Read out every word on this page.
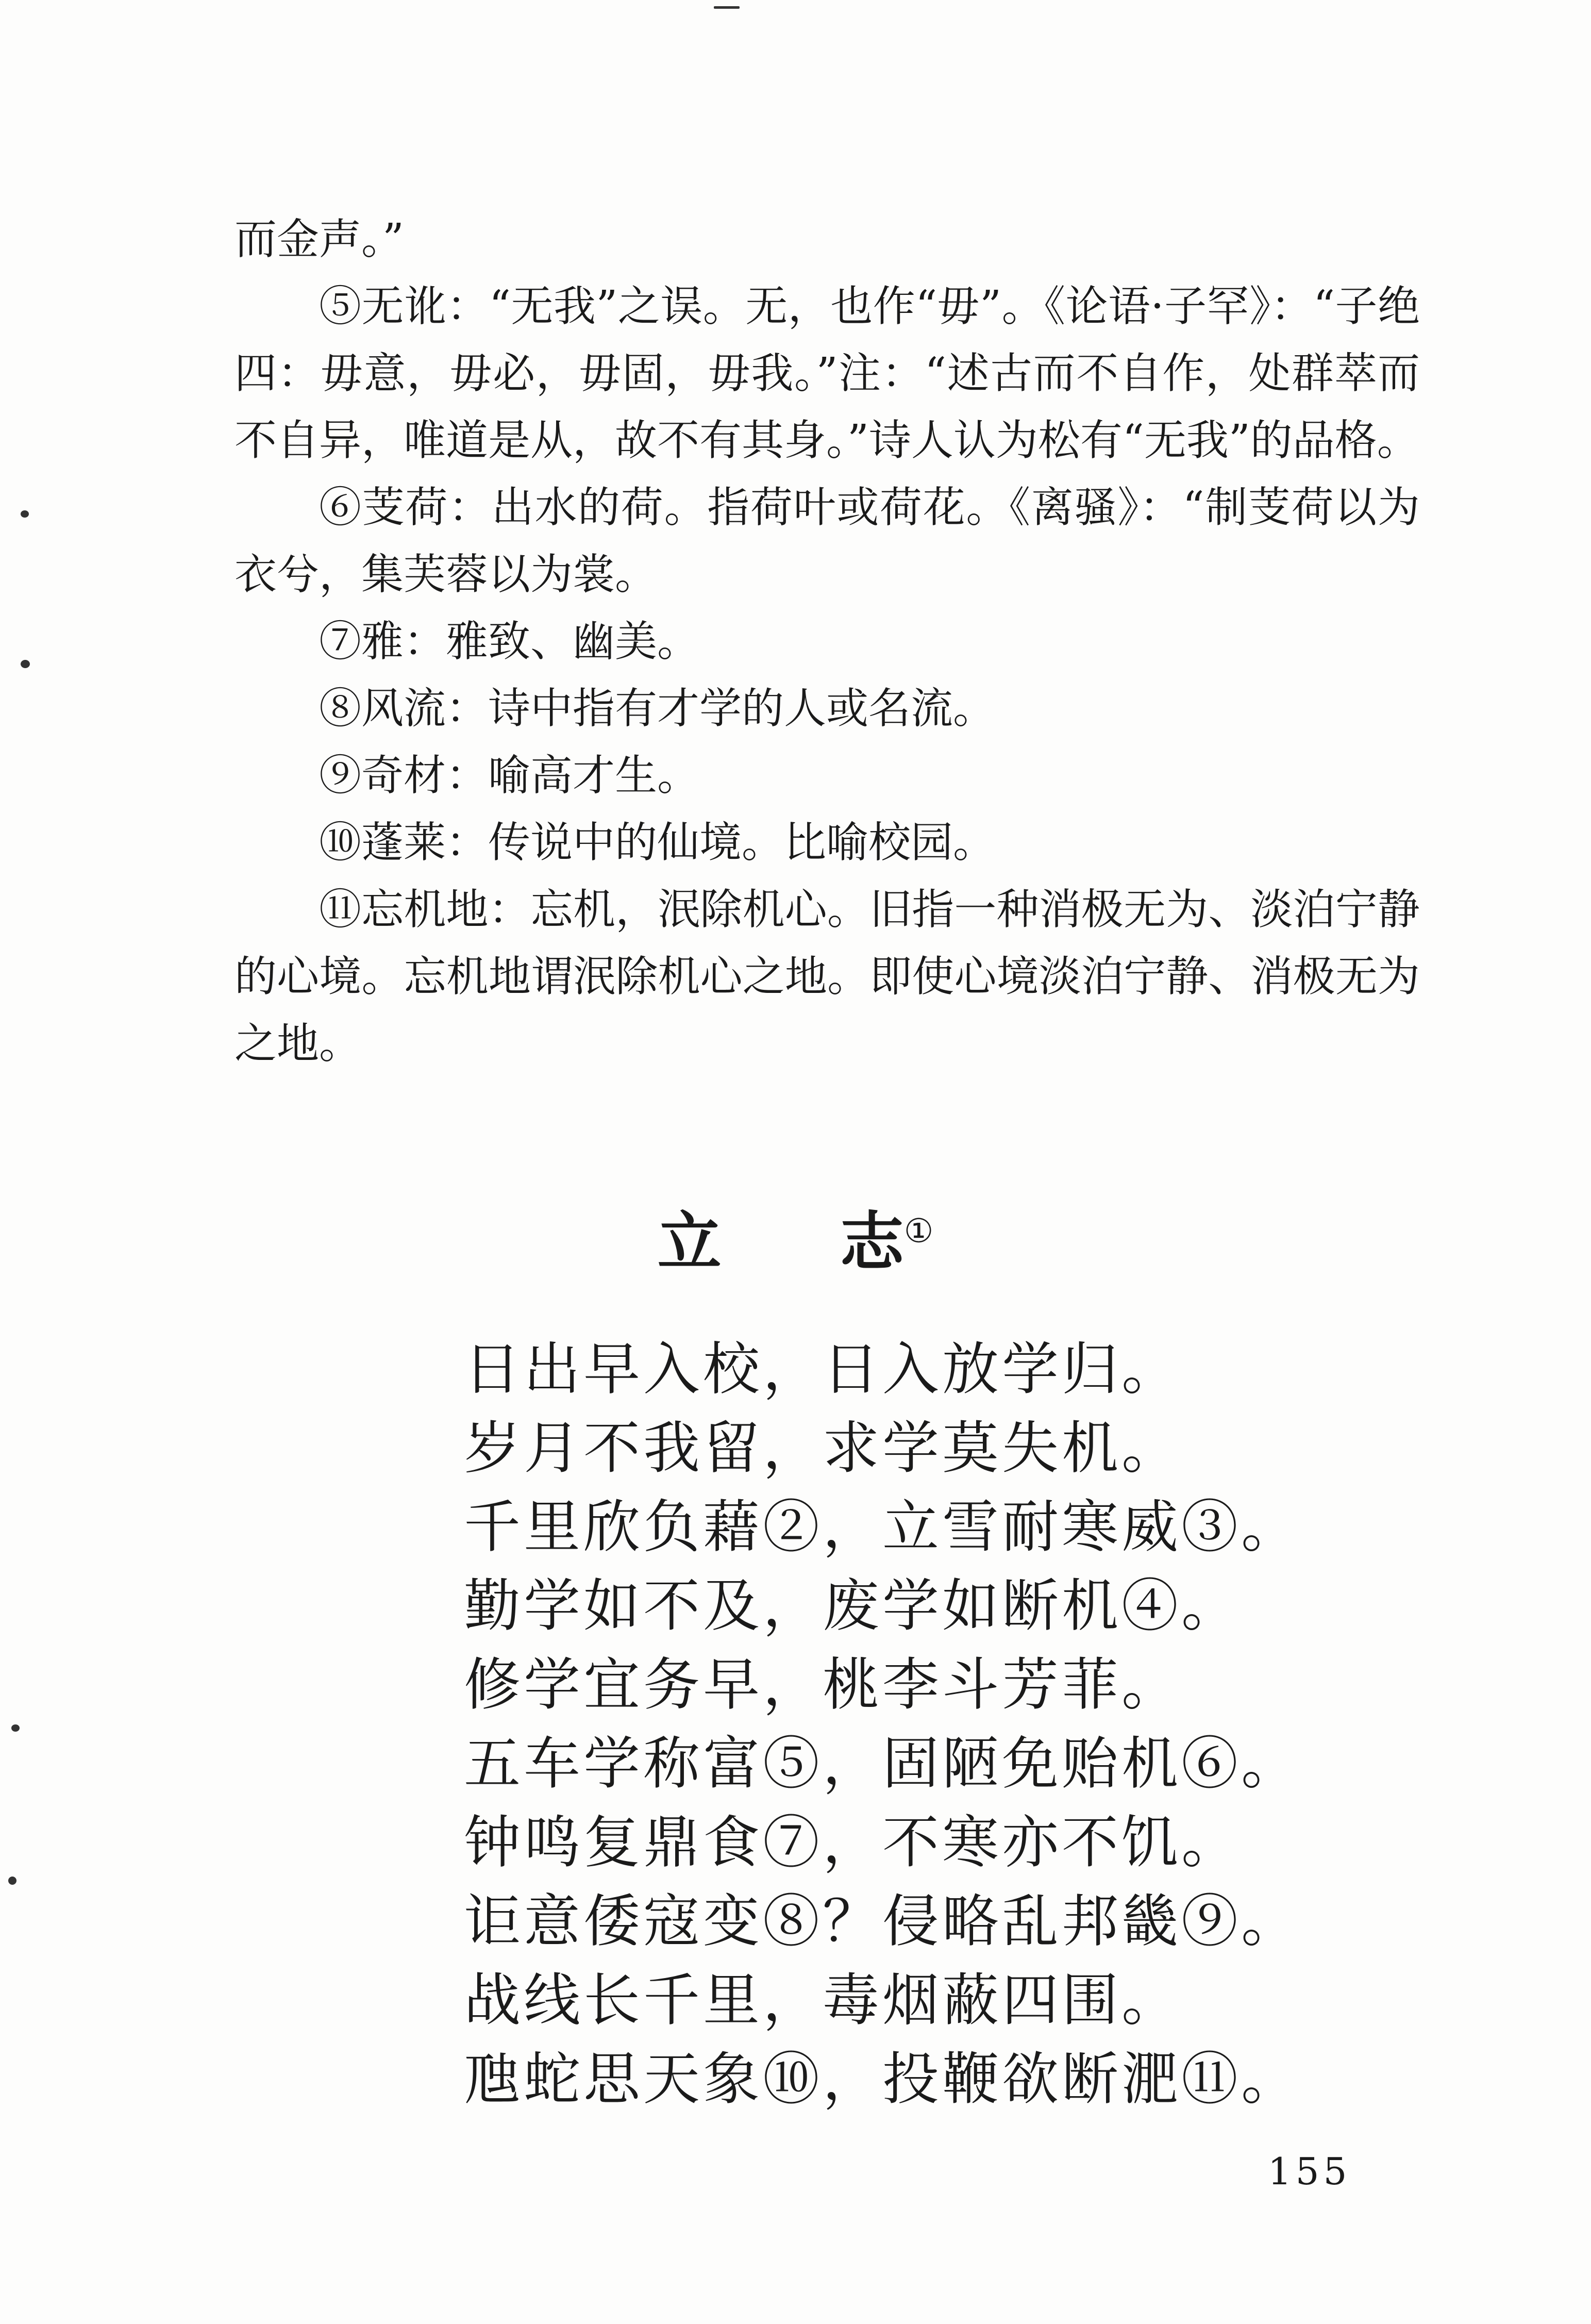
而金声。”

⑤无讹：“无我”之误。无，也作“毋”。《论语·子罕》：“子绝四：毋意，毋必，毋固，毋我。”注：“述古而不自作，处群萃而不自异，唯道是从，故不有其身。”诗人认为松有“无我”的品格。

⑥芰荷：出水的荷。指荷叶或荷花。《离骚》：“制芰荷以为衣兮，集芙蓉以为裳。

⑦雅：雅致、幽美。

⑧风流：诗中指有才学的人或名流。

⑨奇材：喻高才生。

⑩蓬莱：传说中的仙境。比喻校园。

⑪忘机地：忘机，泯除机心。旧指一种消极无为、淡泊宁静的心境。忘机地谓泯除机心之地。即使心境淡泊宁静、消极无为之地。

立 志①
日出早入校，日入放学归。
岁月不我留，求学莫失机。
千里欣负藉②，立雪耐寒威③。
勤学如不及，废学如断机④。
修学宜务早，桃李斗芳菲。
五车学称富⑤，固陋免贻机⑥。
钟鸣复鼎食⑦，不寒亦不饥。
讵意倭寇变⑧？侵略乱邦畿⑨。
战线长千里，毒烟蔽四围。
虺蛇思天象⑩，投鞭欲断淝⑪。
155
